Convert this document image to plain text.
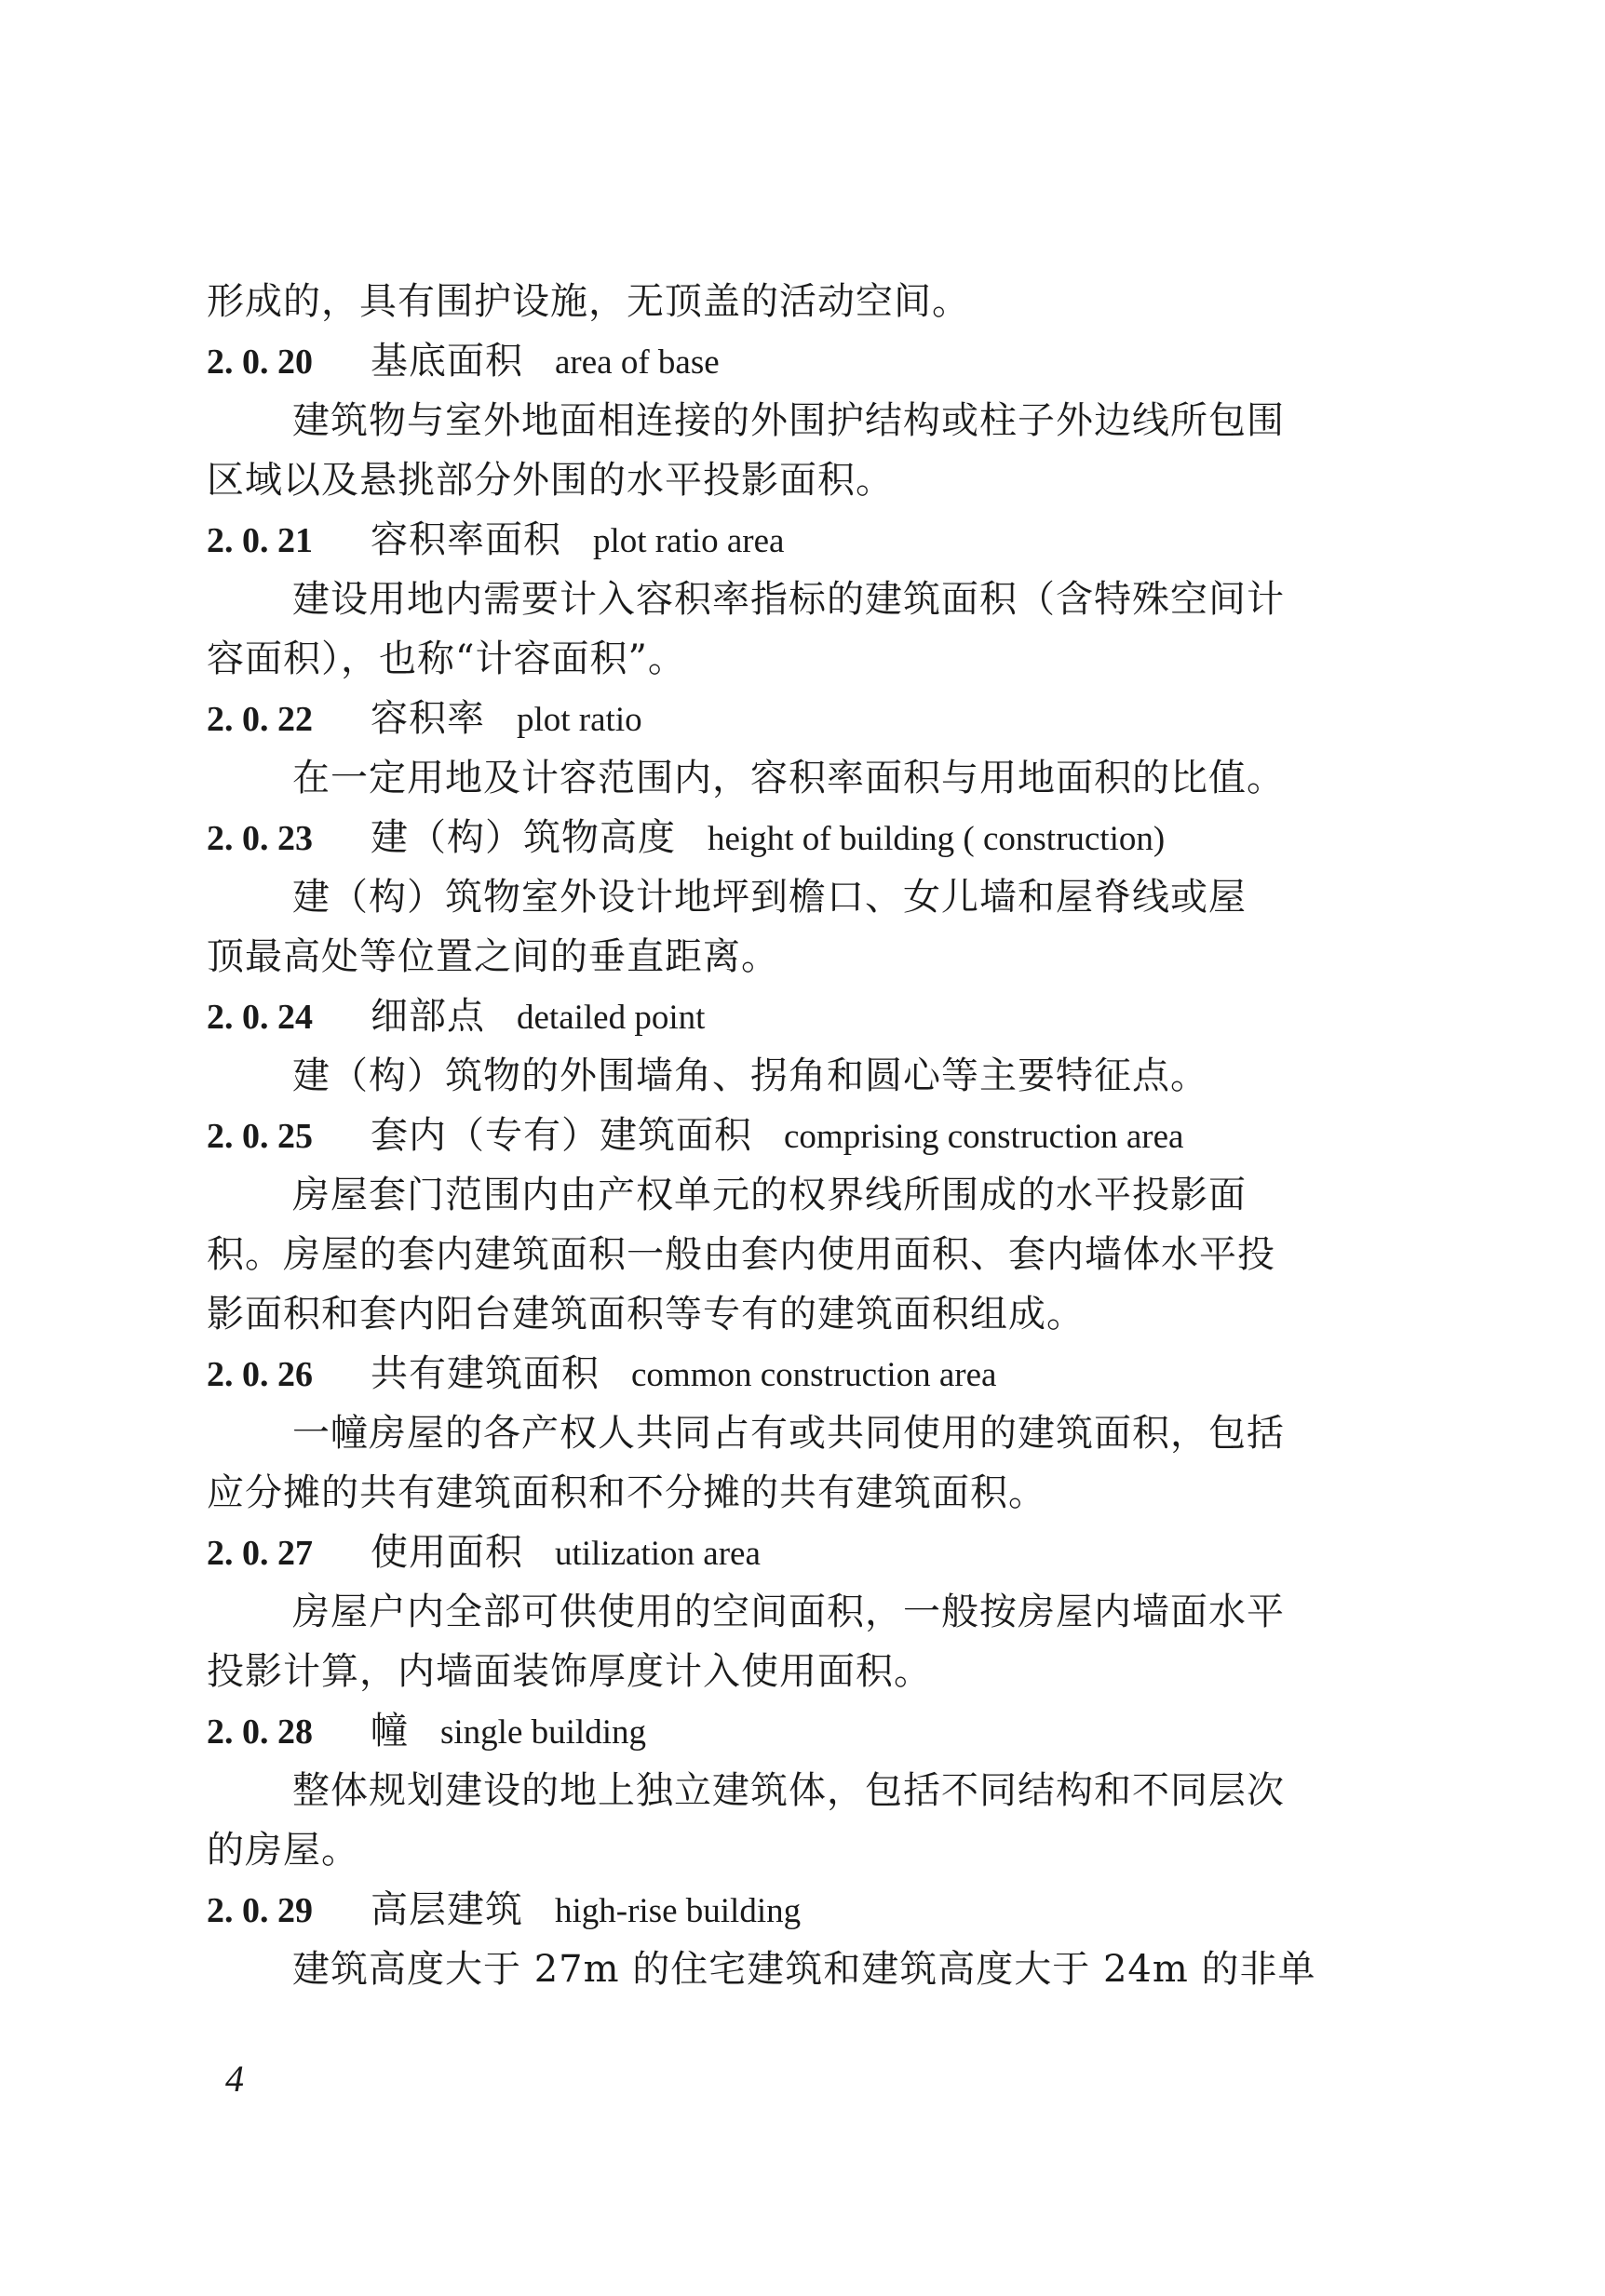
形成的，具有围护设施，无顶盖的活动空间。
2. 0. 20 基底面积 area of base
建筑物与室外地面相连接的外围护结构或柱子外边线所包围
区域以及悬挑部分外围的水平投影面积。
2. 0. 21 容积率面积 plot ratio area
建设用地内需要计入容积率指标的建筑面积（含特殊空间计
容面积），也称“计容面积”。
2. 0. 22 容积率 plot ratio
在一定用地及计容范围内，容积率面积与用地面积的比值。
2. 0. 23 建（构）筑物高度 height of building ( construction)
建（构）筑物室外设计地坪到檐口、女儿墙和屋脊线或屋
顶最高处等位置之间的垂直距离。
2. 0. 24 细部点 detailed point
建（构）筑物的外围墙角、拐角和圆心等主要特征点。
2. 0. 25 套内（专有）建筑面积 comprising construction area
房屋套门范围内由产权单元的权界线所围成的水平投影面
积。房屋的套内建筑面积一般由套内使用面积、套内墙体水平投
影面积和套内阳台建筑面积等专有的建筑面积组成。
2. 0. 26 共有建筑面积 common construction area
一幢房屋的各产权人共同占有或共同使用的建筑面积，包括
应分摊的共有建筑面积和不分摊的共有建筑面积。
2. 0. 27 使用面积 utilization area
房屋户内全部可供使用的空间面积，一般按房屋内墙面水平
投影计算，内墙面装饰厚度计入使用面积。
2. 0. 28 幢 single building
整体规划建设的地上独立建筑体，包括不同结构和不同层次
的房屋。
2. 0. 29 高层建筑 high-rise building
建筑高度大于 27m 的住宅建筑和建筑高度大于 24m 的非单
4
